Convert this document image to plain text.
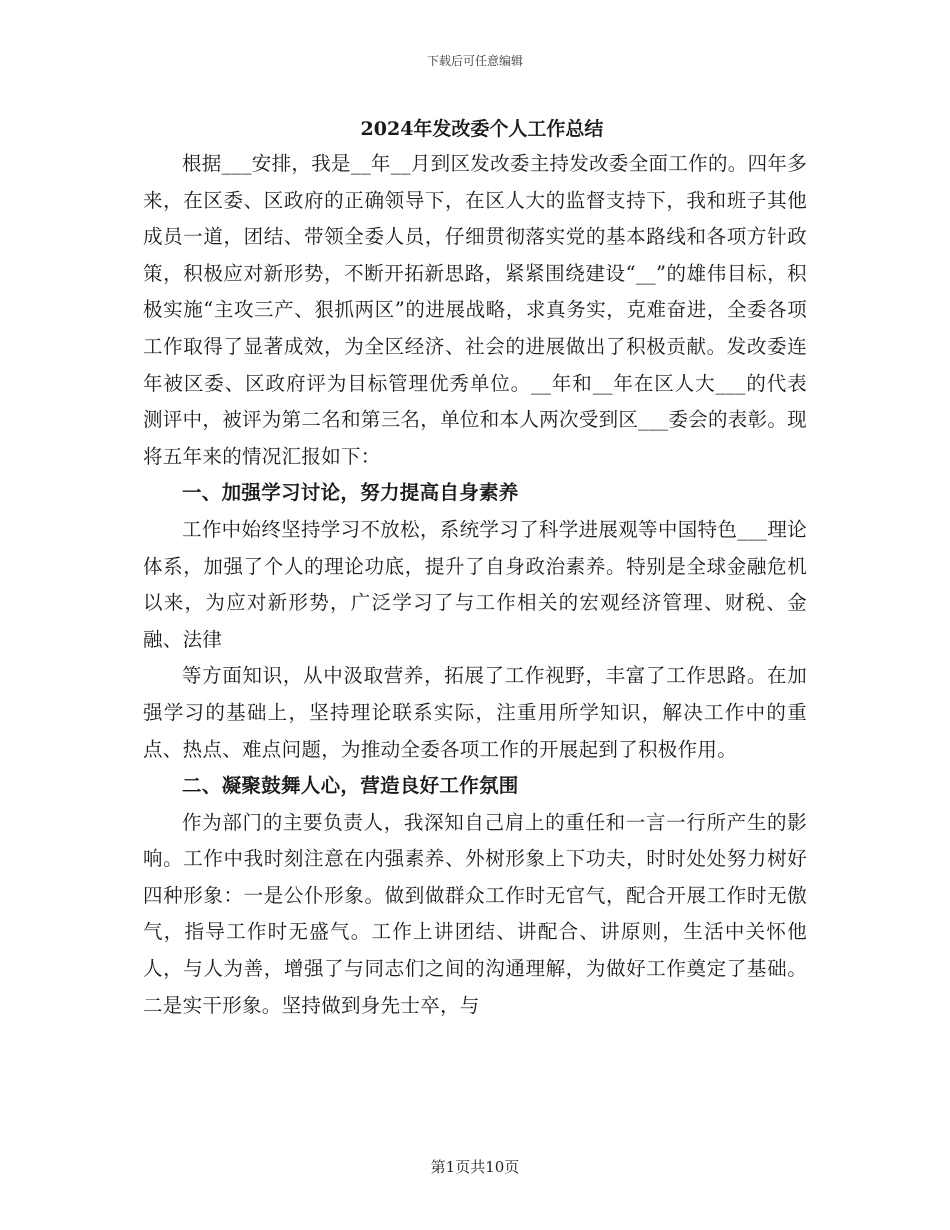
下载后可任意编辑
2024年发改委个人工作总结

根据___安排，我是__年__月到区发改委主持发改委全面工作的。四年多来，在区委、区政府的正确领导下，在区人大的监督支持下，我和班子其他成员一道，团结、带领全委人员，仔细贯彻落实党的基本路线和各项方针政策，积极应对新形势，不断开拓新思路，紧紧围绕建设“__”的雄伟目标，积极实施“主攻三产、狠抓两区”的进展战略，求真务实，克难奋进，全委各项工作取得了显著成效，为全区经济、社会的进展做出了积极贡献。发改委连年被区委、区政府评为目标管理优秀单位。__年和__年在区人大___的代表测评中，被评为第二名和第三名，单位和本人两次受到区___委会的表彰。现将五年来的情况汇报如下：

一、加强学习讨论，努力提高自身素养

工作中始终坚持学习不放松，系统学习了科学进展观等中国特色___理论体系，加强了个人的理论功底，提升了自身政治素养。特别是全球金融危机以来，为应对新形势，广泛学习了与工作相关的宏观经济管理、财税、金融、法律

等方面知识，从中汲取营养，拓展了工作视野，丰富了工作思路。在加强学习的基础上，坚持理论联系实际，注重用所学知识，解决工作中的重点、热点、难点问题，为推动全委各项工作的开展起到了积极作用。

二、凝聚鼓舞人心，营造良好工作氛围

作为部门的主要负责人，我深知自己肩上的重任和一言一行所产生的影响。工作中我时刻注意在内强素养、外树形象上下功夫，时时处处努力树好四种形象：一是公仆形象。做到做群众工作时无官气，配合开展工作时无傲气，指导工作时无盛气。工作上讲团结、讲配合、讲原则，生活中关怀他人，与人为善，增强了与同志们之间的沟通理解，为做好工作奠定了基础。二是实干形象。坚持做到身先士卒，与

第1页共10页
